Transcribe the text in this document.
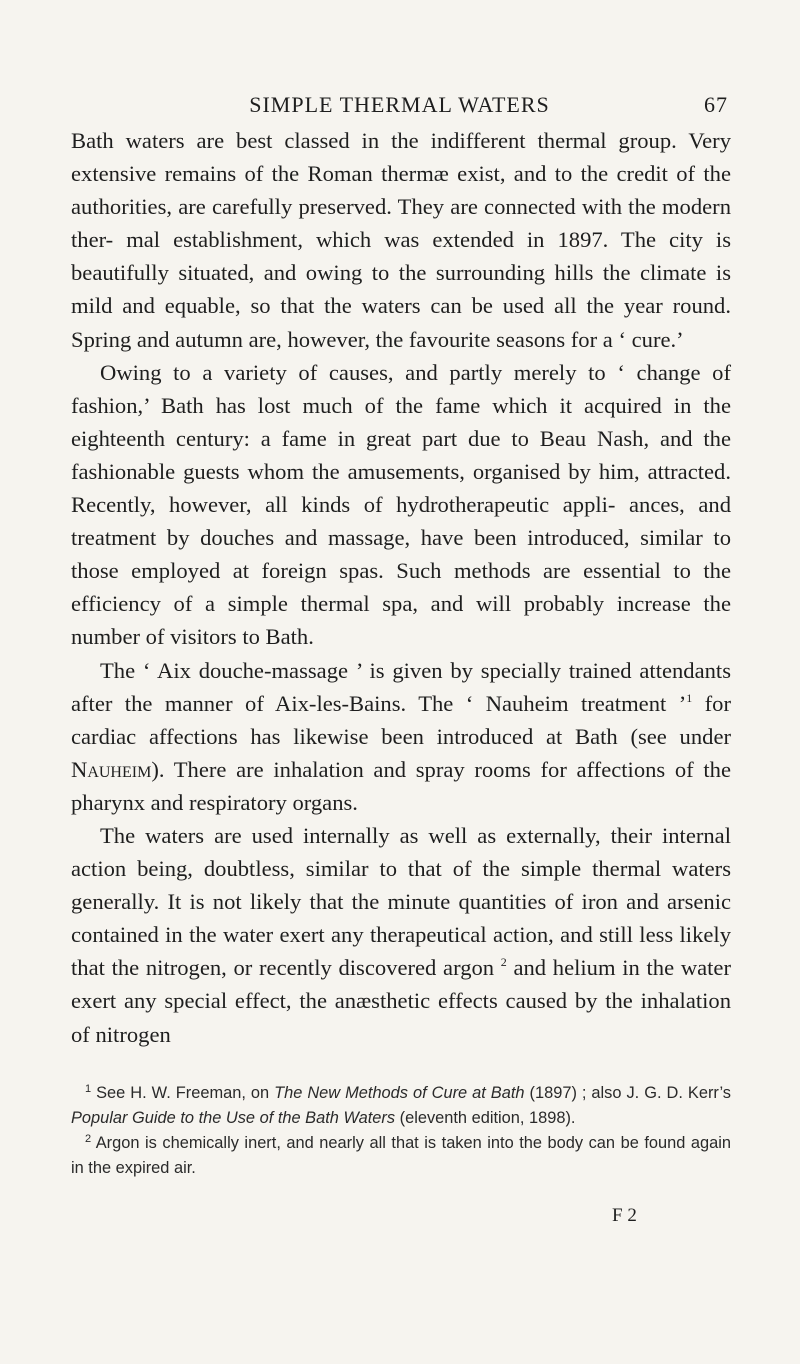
SIMPLE THERMAL WATERS	67

Bath waters are best classed in the indifferent thermal group. Very extensive remains of the Roman thermæ exist, and to the credit of the authorities, are carefully preserved. They are connected with the modern ther- mal establishment, which was extended in 1897. The city is beautifully situated, and owing to the surrounding hills the climate is mild and equable, so that the waters can be used all the year round. Spring and autumn are, however, the favourite seasons for a ‘ cure.’

Owing to a variety of causes, and partly merely to ‘ change of fashion,’ Bath has lost much of the fame which it acquired in the eighteenth century: a fame in great part due to Beau Nash, and the fashionable guests whom the amusements, organised by him, attracted. Recently, however, all kinds of hydrotherapeutic appli- ances, and treatment by douches and massage, have been introduced, similar to those employed at foreign spas. Such methods are essential to the efficiency of a simple thermal spa, and will probably increase the number of visitors to Bath.

The ‘ Aix douche-massage ’ is given by specially trained attendants after the manner of Aix-les-Bains. The ‘ Nauheim treatment ’$^1$ for cardiac affections has likewise been introduced at Bath (see under Nauheim). There are inhalation and spray rooms for affections of the pharynx and respiratory organs.

The waters are used internally as well as externally, their internal action being, doubtless, similar to that of the simple thermal waters generally. It is not likely that the minute quantities of iron and arsenic contained in the water exert any therapeutical action, and still less likely that the nitrogen, or recently discovered argon $^2$ and helium in the water exert any special effect, the anæsthetic effects caused by the inhalation of nitrogen

$^1$ See H. W. Freeman, on The New Methods of Cure at Bath (1897) ; also J. G. D. Kerr’s Popular Guide to the Use of the Bath Waters (eleventh edition, 1898).

$^2$ Argon is chemically inert, and nearly all that is taken into the body can be found again in the expired air.

F 2
